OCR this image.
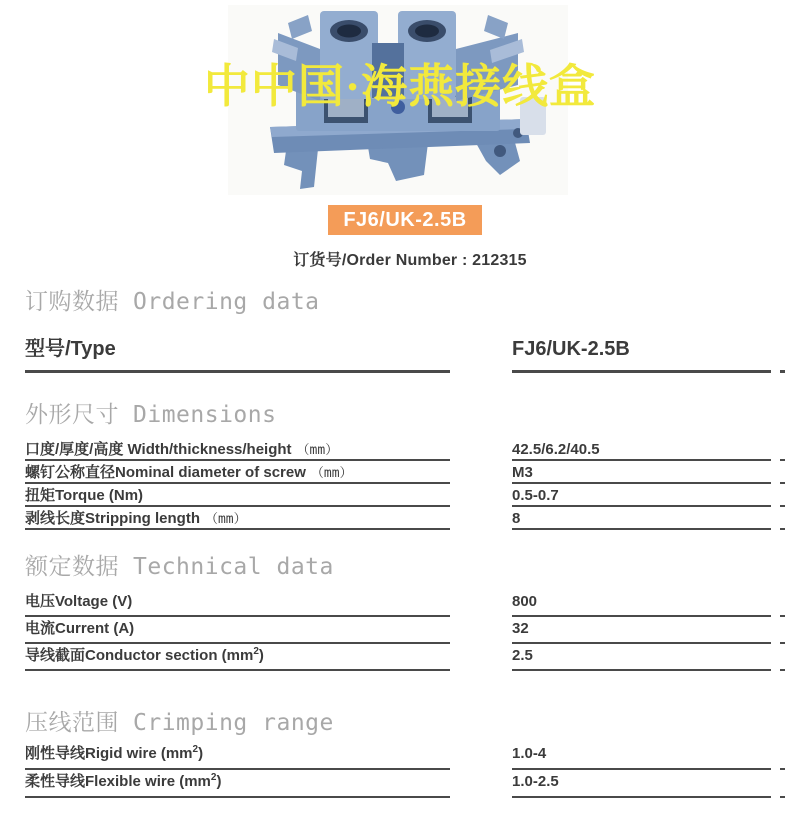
中中国·海燕接线盒
FJ6/UK-2.5B
订货号/Order Number : 212315
订购数据 Ordering data
型号/Type	FJ6/UK-2.5B
外形尺寸 Dimensions
口度/厚度/高度 Width/thickness/height （mm）	42.5/6.2/40.5
螺钉公称直径Nominal diameter of screw （mm）	M3
扭矩Torque (Nm)	0.5-0.7
剥线长度Stripping length （mm）	8
额定数据 Technical data
电压Voltage (V)	800
电流Current (A)	32
导线截面Conductor section $(mm^2)$	2.5
压线范围 Crimping range
刚性导线Rigid wire $(mm^2)$	1.0-4
柔性导线Flexible wire $(mm^2)$	1.0-2.5
